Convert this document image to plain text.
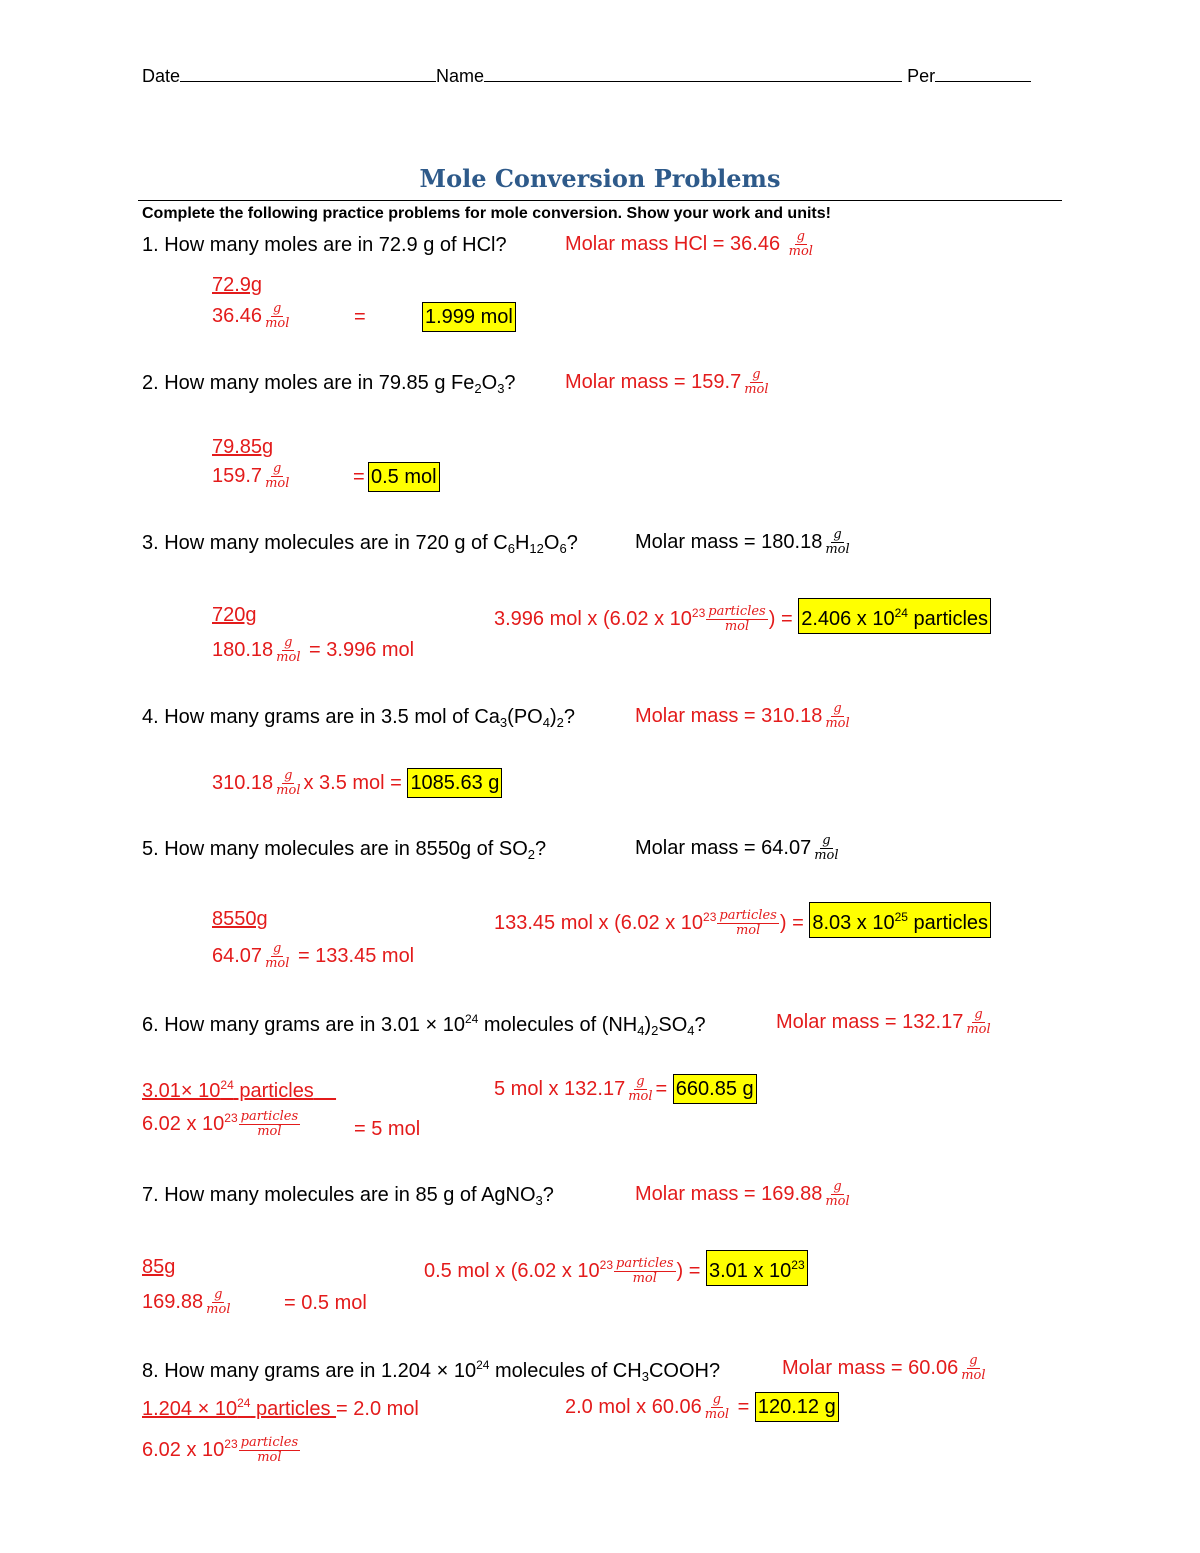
Date	Name	Per
Mole Conversion Problems
Complete the following practice problems for mole conversion. Show your work and units!
1. How many moles are in 72.9 g of HCl?	Molar mass HCl = $36.46 \frac{g}{\text{mol}}$
72.9g
$36.46 \frac{g}{\text{mol}}$	=	1.999 mol
2. How many moles are in 79.85 g $Fe_2O_3$? Molar mass = $159.7 \frac{g}{\text{mol}}$
79.85g
$159.7 \frac{g}{\text{mol}}$	= 0.5 mol
3. How many molecules are in 720 g of $C_6H_{12}O_6$?	Molar mass = $180.18 \frac{g}{\text{mol}}$
720g
$180.18 \frac{g}{\text{mol}} = 3.996$ mol
3.996 mol x (6.02 x $10^{23} \frac{\text{particles}}{\text{mol}}$ ) = 2.406 x $10^{24}$ particles
4. How many grams are in 3.5 mol of $Ca_3(PO_4)_2$?	Molar mass = $310.18 \frac{g}{\text{mol}}$
$310.18 \frac{g}{\text{mol}}$ x 3.5 mol = 1085.63 g
5. How many molecules are in 8550g of $SO_2$?	Molar mass = $64.07 \frac{g}{\text{mol}}$
8550g
$64.07 \frac{g}{\text{mol}} = 133.45$ mol
133.45 mol x (6.02 x $10^{23} \frac{\text{particles}}{\text{mol}}$ ) = 8.03 x $10^{25}$ particles
6. How many grams are in $3.01 \times 10^{24}$ molecules of $(NH_4)_2SO_4$?	Molar mass = $132.17 \frac{g}{\text{mol}}$
$3.01\times 10^{24}$ particles
6.02 x $10^{23} \frac{\text{particles}}{\text{mol}}$	= 5 mol
5 mol x $132.17 \frac{g}{\text{mol}} = 660.85$ g
7. How many molecules are in 85 g of AgNO$_3$?	Molar mass = $169.88 \frac{g}{\text{mol}}$
85g
$169.88 \frac{g}{\text{mol}}$	= 0.5 mol
0.5 mol x (6.02 x $10^{23} \frac{\text{particles}}{\text{mol}}$ ) = 3.01 x $10^{23}$
8. How many grams are in $1.204 \times 10^{24}$ molecules of $CH_3COOH$?	Molar mass = $60.06 \frac{g}{\text{mol}}$
$1.204 \times 10^{24}$ particles = 2.0 mol
6.02 x $10^{23} \frac{\text{particles}}{\text{mol}}$
2.0 mol x $60.06 \frac{g}{\text{mol}} = 120.12$ g
